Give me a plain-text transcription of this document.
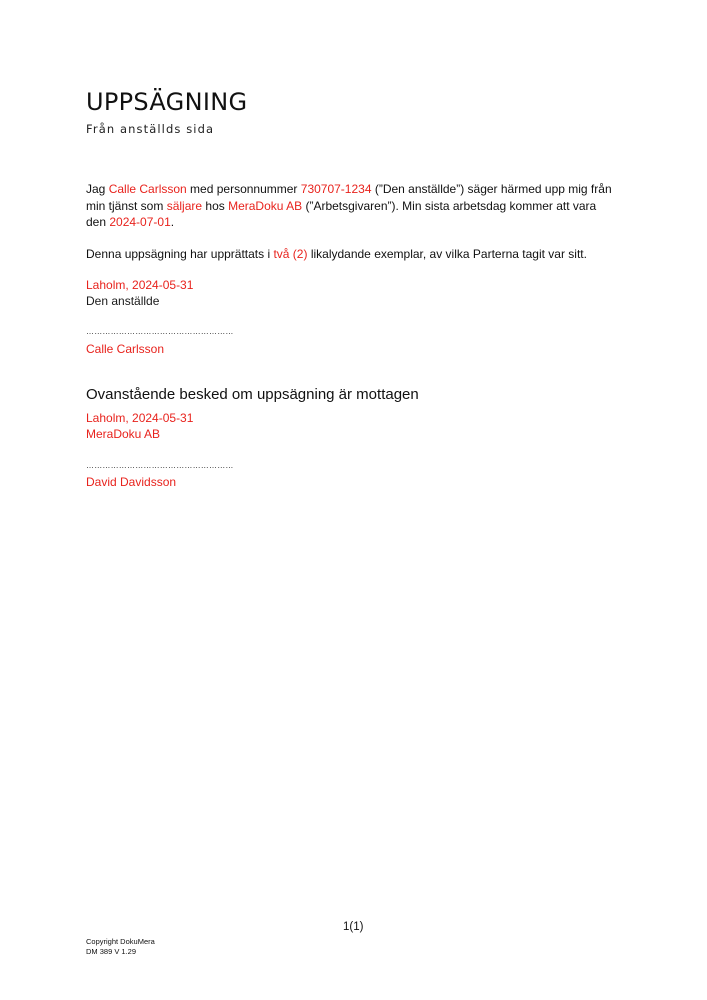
UPPSÄGNING

Från anställds sida

Jag Calle Carlsson med personnummer 730707-1234 (”Den anställde”) säger härmed upp mig från min tjänst som säljare hos MeraDoku AB (”Arbetsgivaren”). Min sista arbetsdag kommer att vara den 2024-07-01.

Denna uppsägning har upprättats i två (2) likalydande exemplar, av vilka Parterna tagit var sitt.

Laholm, 2024-05-31

Den anställde

………………………………………………

Calle Carlsson

Ovanstående besked om uppsägning är mottagen

Laholm, 2024-05-31

MeraDoku AB

………………………………………………

David Davidsson

1(1)

Copyright DokuMera
DM 389 V 1.29
